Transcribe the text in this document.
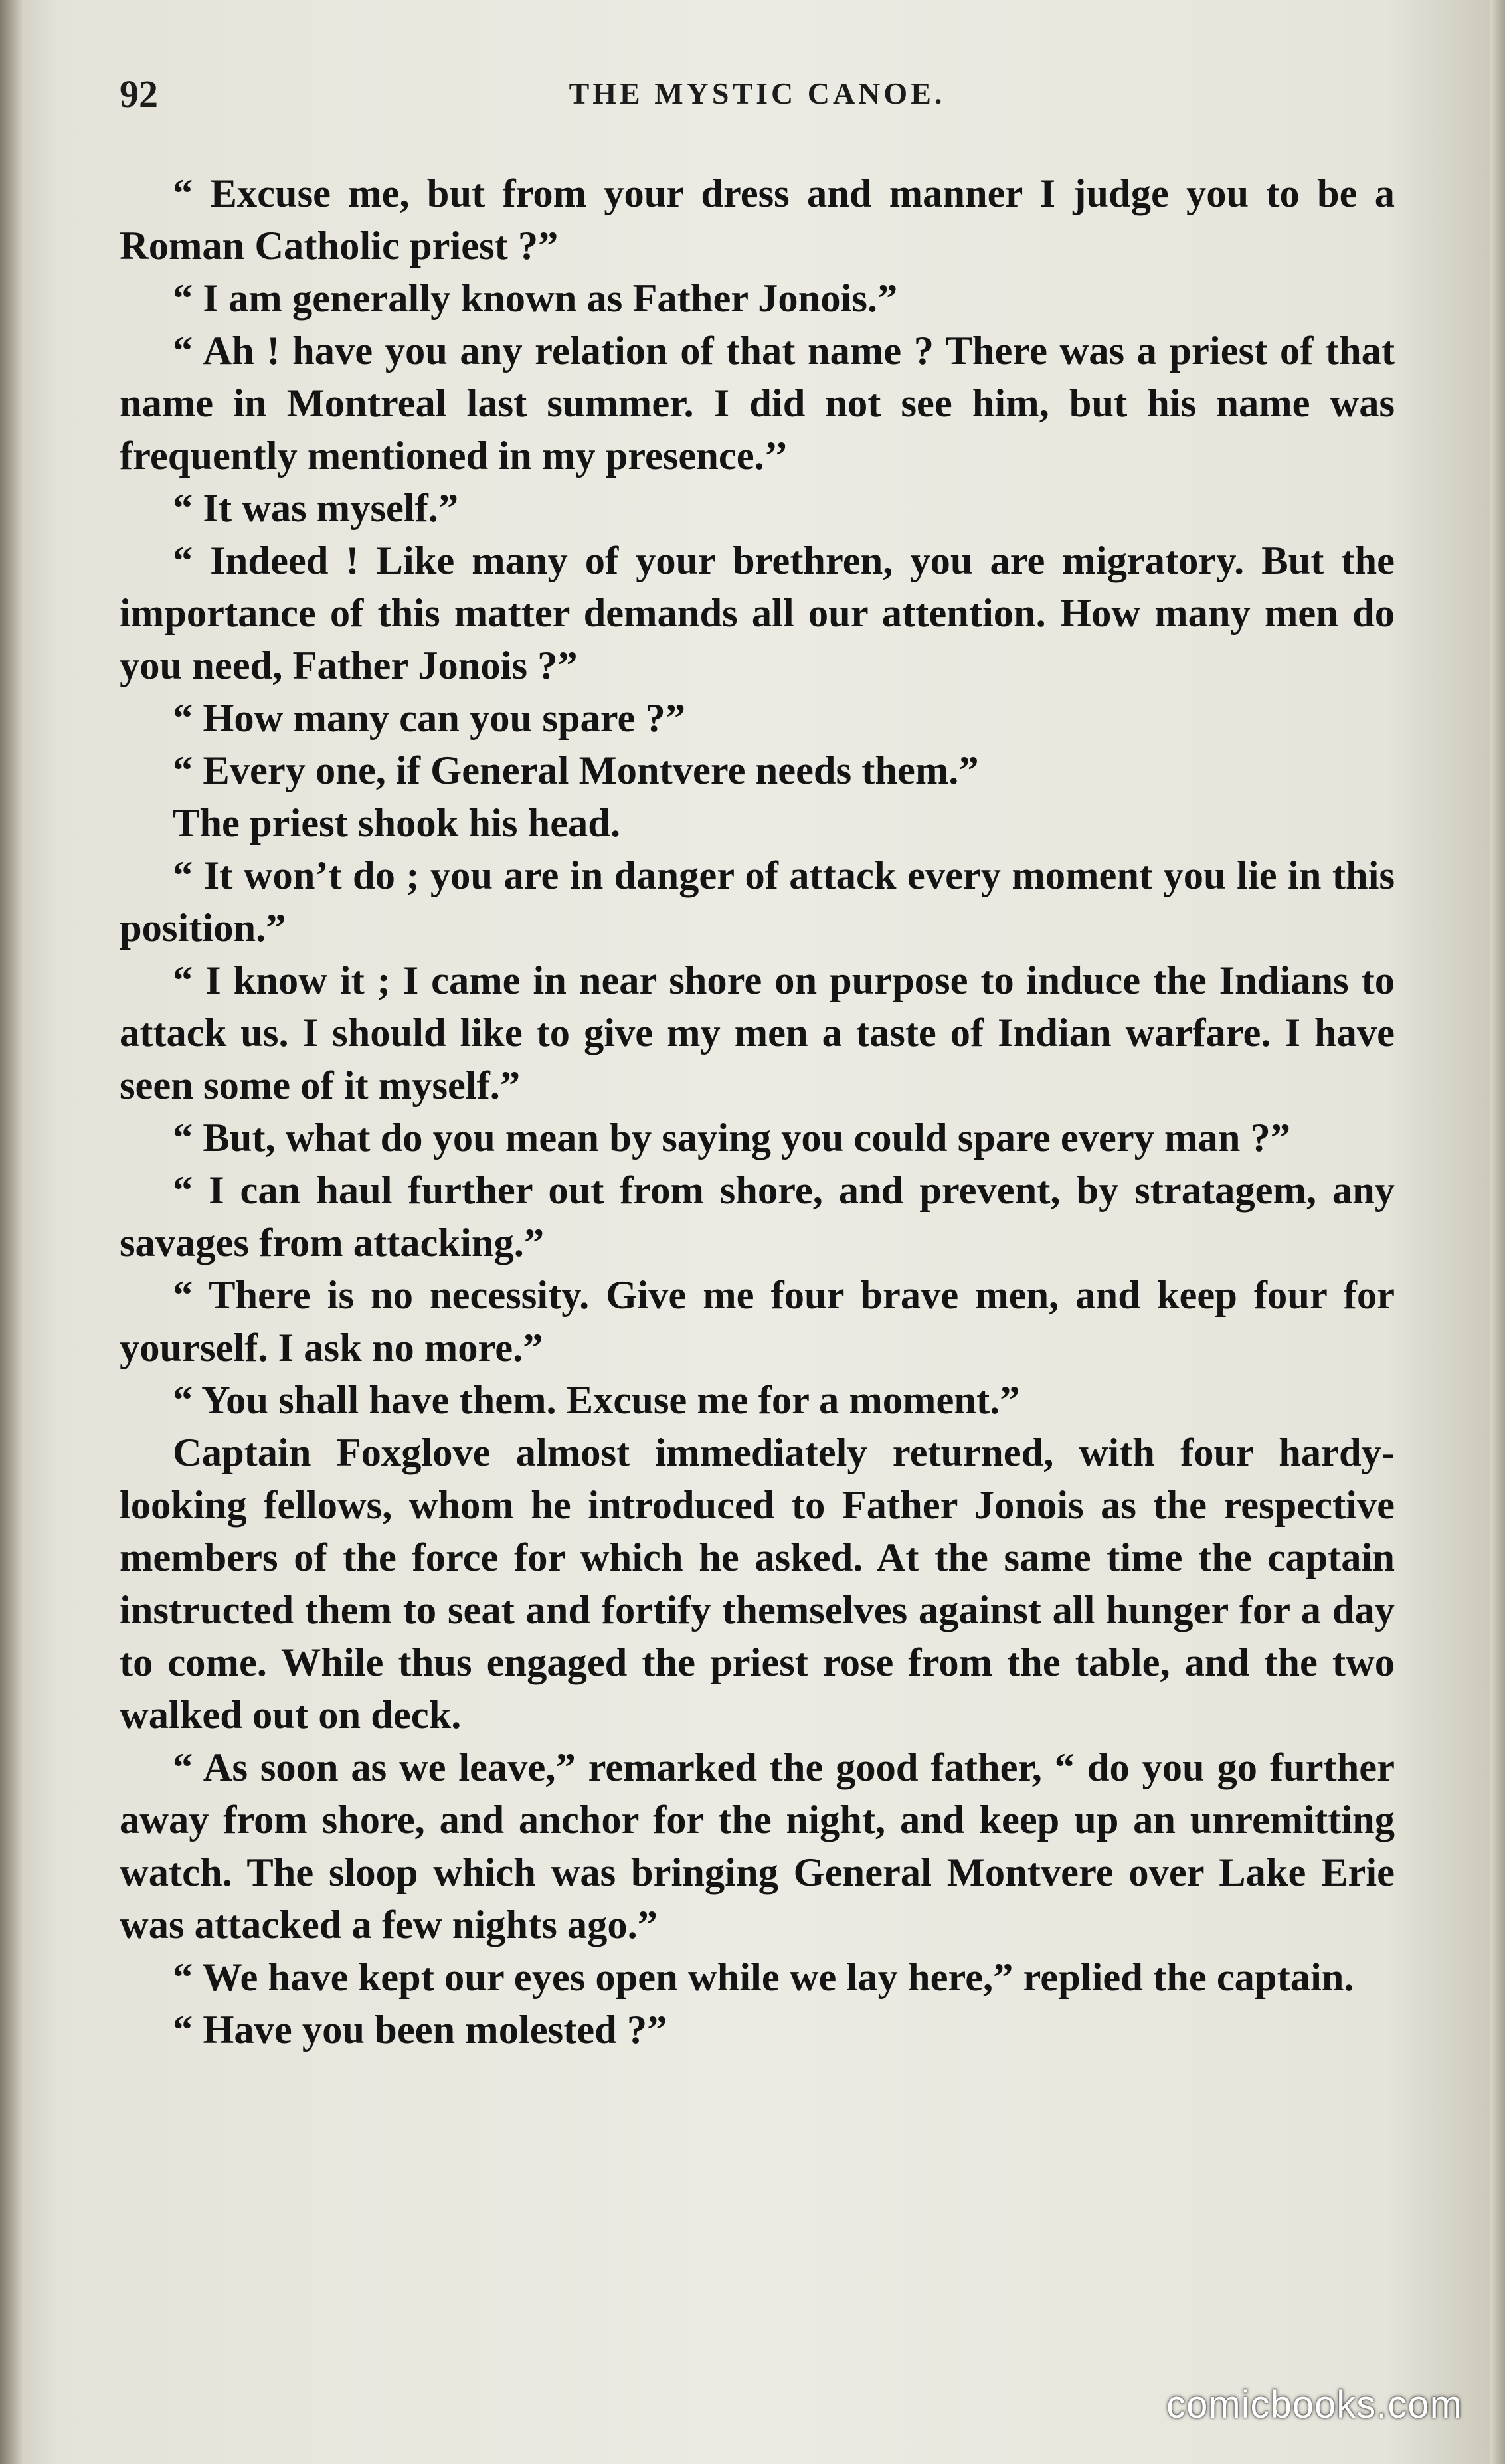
92	THE MYSTIC CANOE.

“ Excuse me, but from your dress and manner I judge you to be a Roman Catholic priest ?”

“ I am generally known as Father Jonois.”

“ Ah ! have you any relation of that name ? There was a priest of that name in Montreal last summer. I did not see him, but his name was frequently mentioned in my presence.’’

“ It was myself.”

“ Indeed ! Like many of your brethren, you are migratory. But the importance of this matter demands all our attention. How many men do you need, Father Jonois ?”

“ How many can you spare ?”

“ Every one, if General Montvere needs them.”

The priest shook his head.

“ It won’t do ; you are in danger of attack every moment you lie in this position.”

“ I know it ; I came in near shore on purpose to induce the Indians to attack us. I should like to give my men a taste of Indian warfare. I have seen some of it myself.”

“ But, what do you mean by saying you could spare every man ?”

“ I can haul further out from shore, and prevent, by stratagem, any savages from attacking.”

“ There is no necessity. Give me four brave men, and keep four for yourself. I ask no more.”

“ You shall have them. Excuse me for a moment.”

Captain Foxglove almost immediately returned, with four hardy-looking fellows, whom he introduced to Father Jonois as the respective members of the force for which he asked. At the same time the captain instructed them to seat and fortify themselves against all hunger for a day to come. While thus engaged the priest rose from the table, and the two walked out on deck.

“ As soon as we leave,” remarked the good father, “ do you go further away from shore, and anchor for the night, and keep up an unremitting watch. The sloop which was bringing General Montvere over Lake Erie was attacked a few nights ago.”

“ We have kept our eyes open while we lay here,” replied the captain.

“ Have you been molested ?”

comicbooks.com
